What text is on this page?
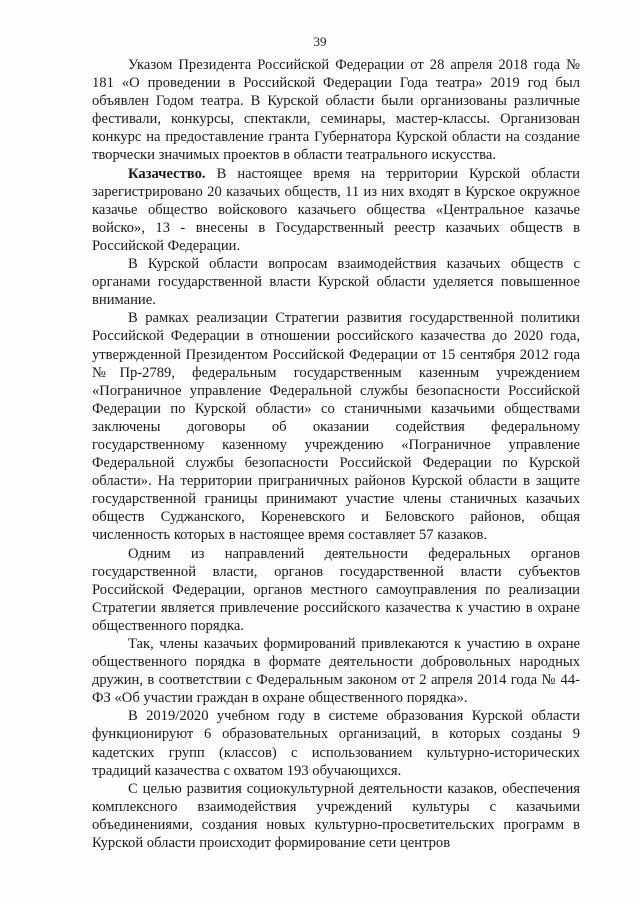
39

Указом Президента Российской Федерации от 28 апреля 2018 года № 181 «О проведении в Российской Федерации Года театра» 2019 год был объявлен Годом театра. В Курской области были организованы различные фестивали, конкурсы, спектакли, семинары, мастер-классы. Организован конкурс на предоставление гранта Губернатора Курской области на создание творчески значимых проектов в области театрального искусства.

Казачество. В настоящее время на территории Курской области зарегистрировано 20 казачьих обществ, 11 из них входят в Курское окружное казачье общество войскового казачьего общества «Центральное казачье войско», 13 - внесены в Государственный реестр казачьих обществ в Российской Федерации.

В Курской области вопросам взаимодействия казачьих обществ с органами государственной власти Курской области уделяется повышенное внимание.

В рамках реализации Стратегии развития государственной политики Российской Федерации в отношении российского казачества до 2020 года, утвержденной Президентом Российской Федерации от 15 сентября 2012 года №Пр-2789, федеральным государственным казенным учреждением «Пограничное управление Федеральной службы безопасности Российской Федерации по Курской области» со станичными казачьими обществами заключены договоры об оказании содействия федеральному государственному казенному учреждению «Пограничное управление Федеральной службы безопасности Российской Федерации по Курской области». На территории приграничных районов Курской области в защите государственной границы принимают участие члены станичных казачьих обществ Суджанского, Кореневского и Беловского районов, общая численность которых в настоящее время составляет 57 казаков.

Одним из направлений деятельности федеральных органов государственной власти, органов государственной власти субъектов Российской Федерации, органов местного самоуправления по реализации Стратегии является привлечение российского казачества к участию в охране общественного порядка.

Так, члены казачьих формирований привлекаются к участию в охране общественного порядка в формате деятельности добровольных народных дружин, в соответствии с Федеральным законом от 2 апреля 2014 года № 44-ФЗ «Об участии граждан в охране общественного порядка».

В 2019/2020 учебном году в системе образования Курской области функционируют 6 образовательных организаций, в которых созданы 9 кадетских групп (классов) с использованием культурно-исторических традиций казачества с охватом 193 обучающихся.

С целью развития социокультурной деятельности казаков, обеспечения комплексного взаимодействия учреждений культуры с казачьими объединениями, создания новых культурно-просветительских программ в Курской области происходит формирование сети центров
